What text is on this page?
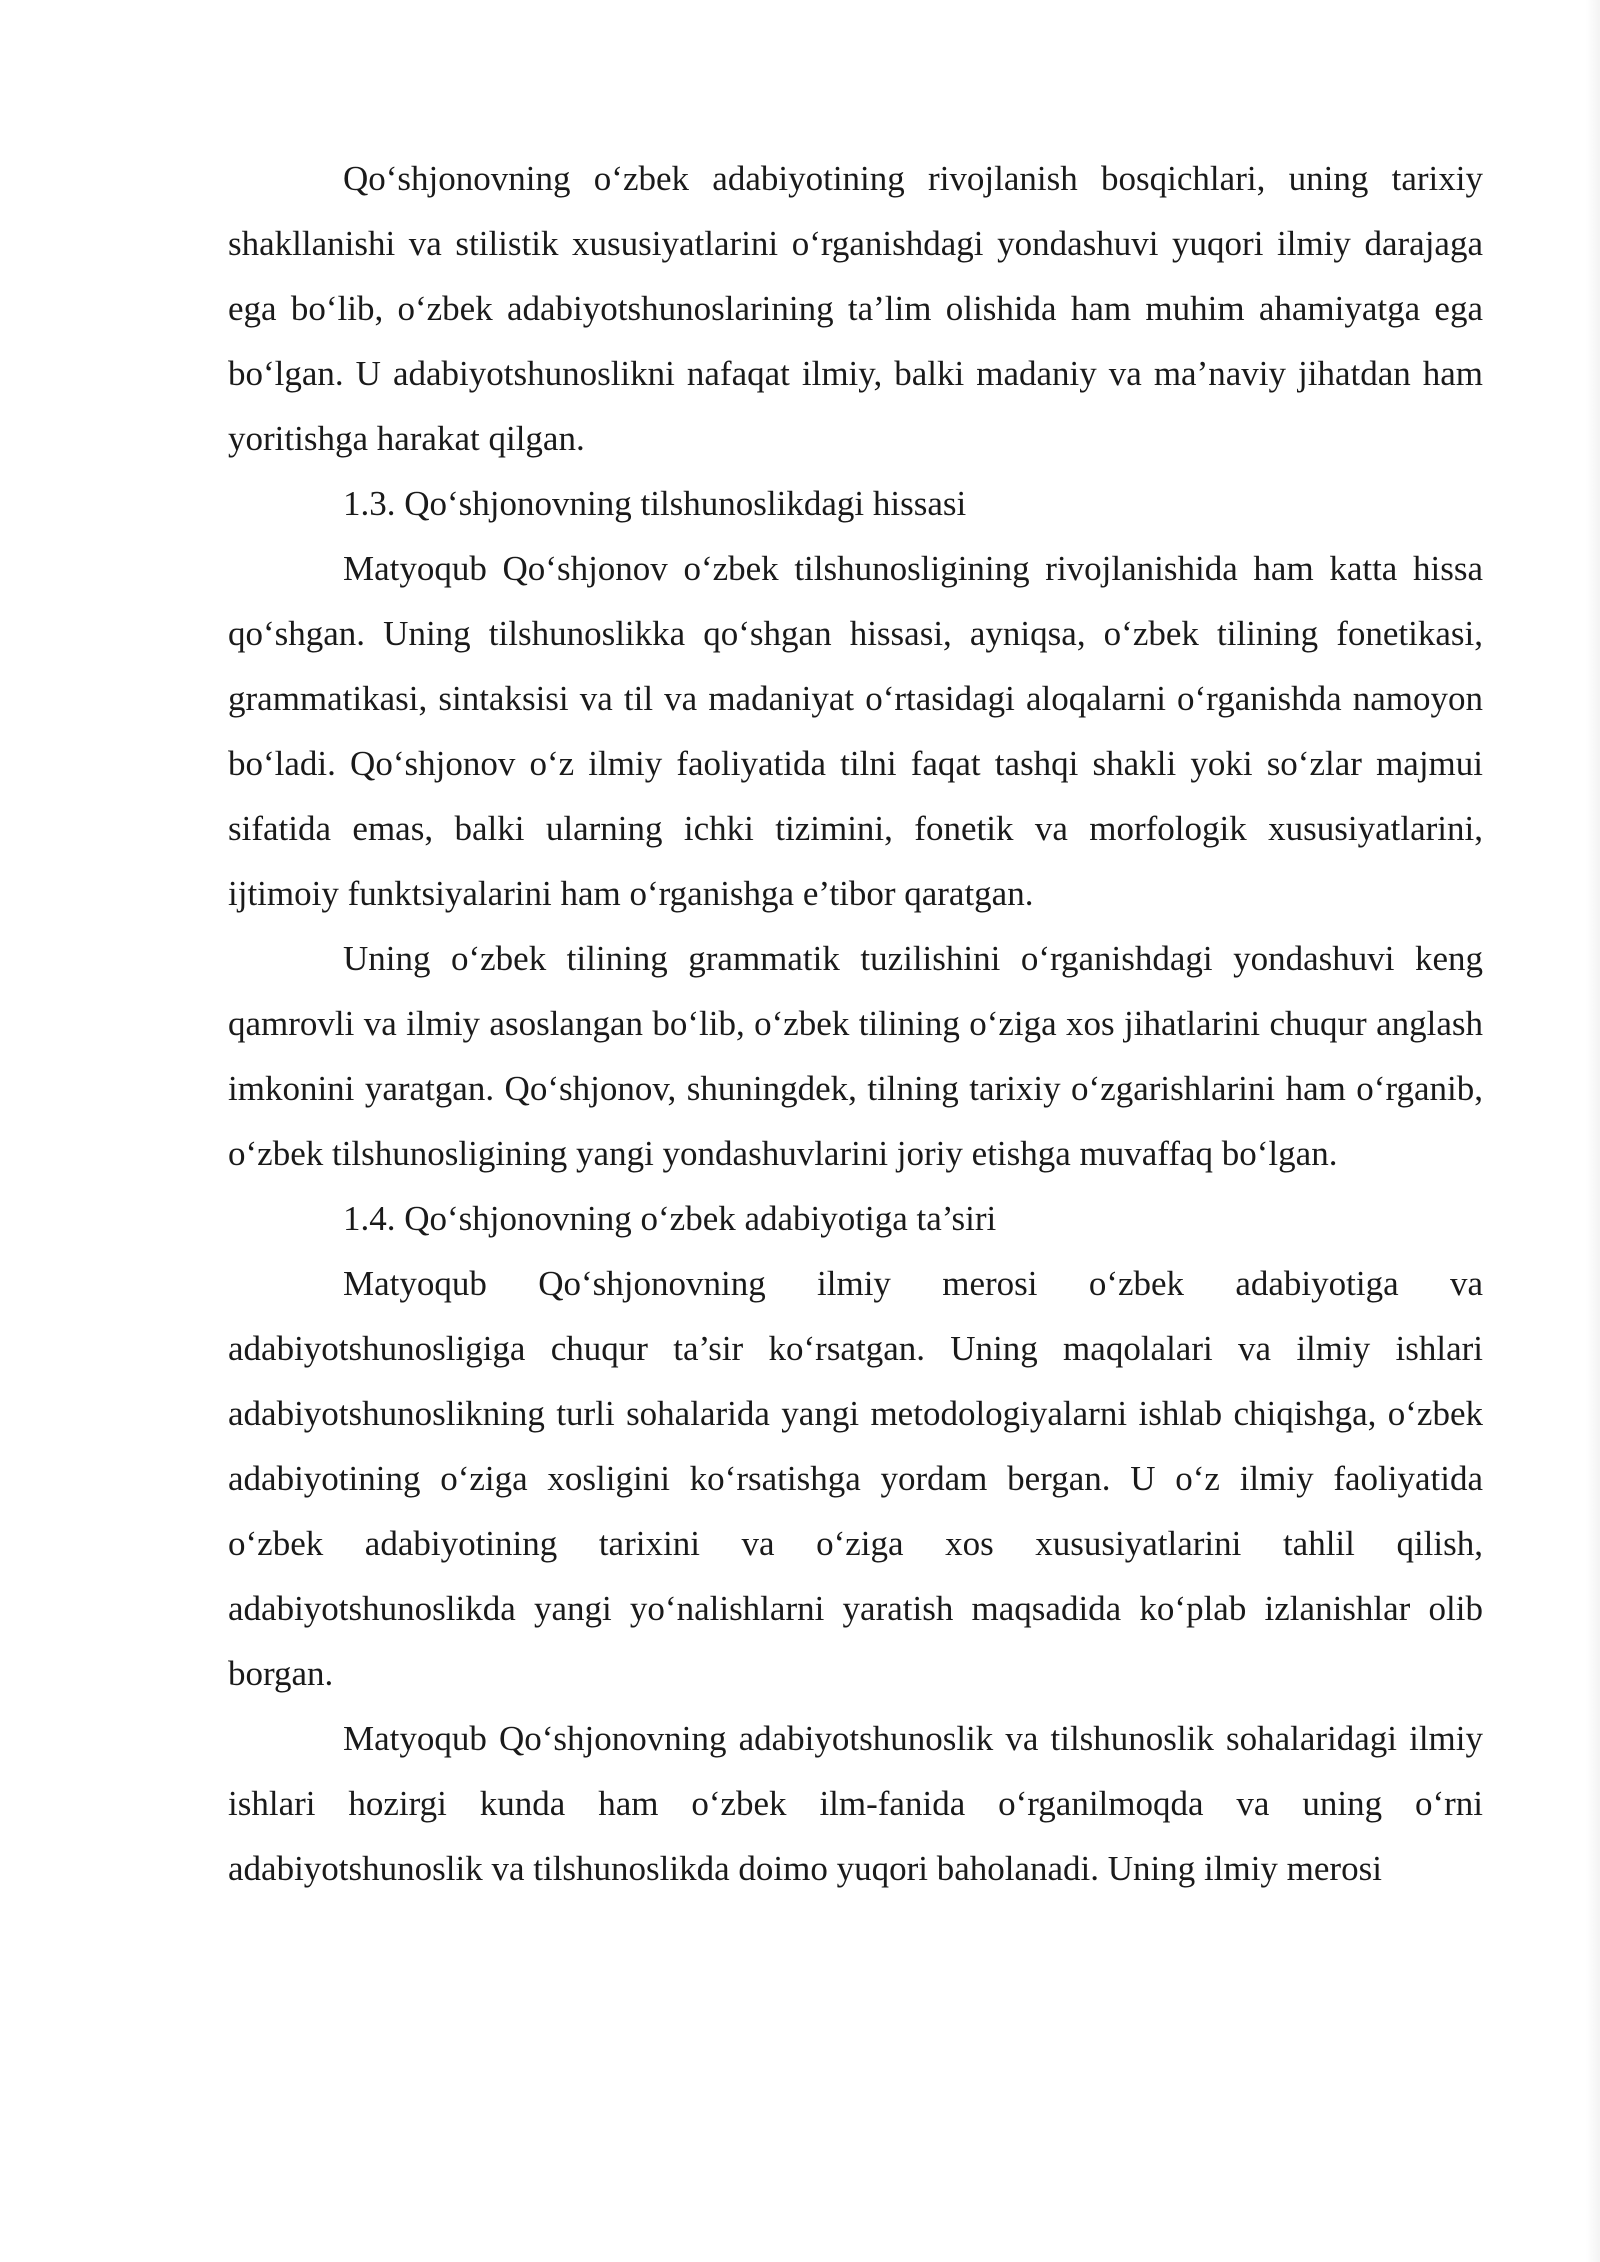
Qo‘shjonovning o‘zbek adabiyotining rivojlanish bosqichlari, uning tarixiy shakllanishi va stilistik xususiyatlarini o‘rganishdagi yondashuvi yuqori ilmiy darajaga ega bo‘lib, o‘zbek adabiyotshunoslarining ta’lim olishida ham muhim ahamiyatga ega bo‘lgan. U adabiyotshunoslikni nafaqat ilmiy, balki madaniy va ma’naviy jihatdan ham yoritishga harakat qilgan.

1.3. Qo‘shjonovning tilshunoslikdagi hissasi

Matyoqub Qo‘shjonov o‘zbek tilshunosligining rivojlanishida ham katta hissa qo‘shgan. Uning tilshunoslikka qo‘shgan hissasi, ayniqsa, o‘zbek tilining fonetikasi, grammatikasi, sintaksisi va til va madaniyat o‘rtasidagi aloqalarni o‘rganishda namoyon bo‘ladi. Qo‘shjonov o‘z ilmiy faoliyatida tilni faqat tashqi shakli yoki so‘zlar majmui sifatida emas, balki ularning ichki tizimini, fonetik va morfologik xususiyatlarini, ijtimoiy funktsiyalarini ham o‘rganishga e’tibor qaratgan.

Uning o‘zbek tilining grammatik tuzilishini o‘rganishdagi yondashuvi keng qamrovli va ilmiy asoslangan bo‘lib, o‘zbek tilining o‘ziga xos jihatlarini chuqur anglash imkonini yaratgan. Qo‘shjonov, shuningdek, tilning tarixiy o‘zgarishlarini ham o‘rganib, o‘zbek tilshunosligining yangi yondashuvlarini joriy etishga muvaffaq bo‘lgan.

1.4. Qo‘shjonovning o‘zbek adabiyotiga ta’siri

Matyoqub Qo‘shjonovning ilmiy merosi o‘zbek adabiyotiga va adabiyotshunosligiga chuqur ta’sir ko‘rsatgan. Uning maqolalari va ilmiy ishlari adabiyotshunoslikning turli sohalarida yangi metodologiyalarni ishlab chiqishga, o‘zbek adabiyotining o‘ziga xosligini ko‘rsatishga yordam bergan. U o‘z ilmiy faoliyatida o‘zbek adabiyotining tarixini va o‘ziga xos xususiyatlarini tahlil qilish, adabiyotshunoslikda yangi yo‘nalishlarni yaratish maqsadida ko‘plab izlanishlar olib borgan.

Matyoqub Qo‘shjonovning adabiyotshunoslik va tilshunoslik sohalaridagi ilmiy ishlari hozirgi kunda ham o‘zbek ilm-fanida o‘rganilmoqda va uning o‘rni adabiyotshunoslik va tilshunoslikda doimo yuqori baholanadi. Uning ilmiy merosi
